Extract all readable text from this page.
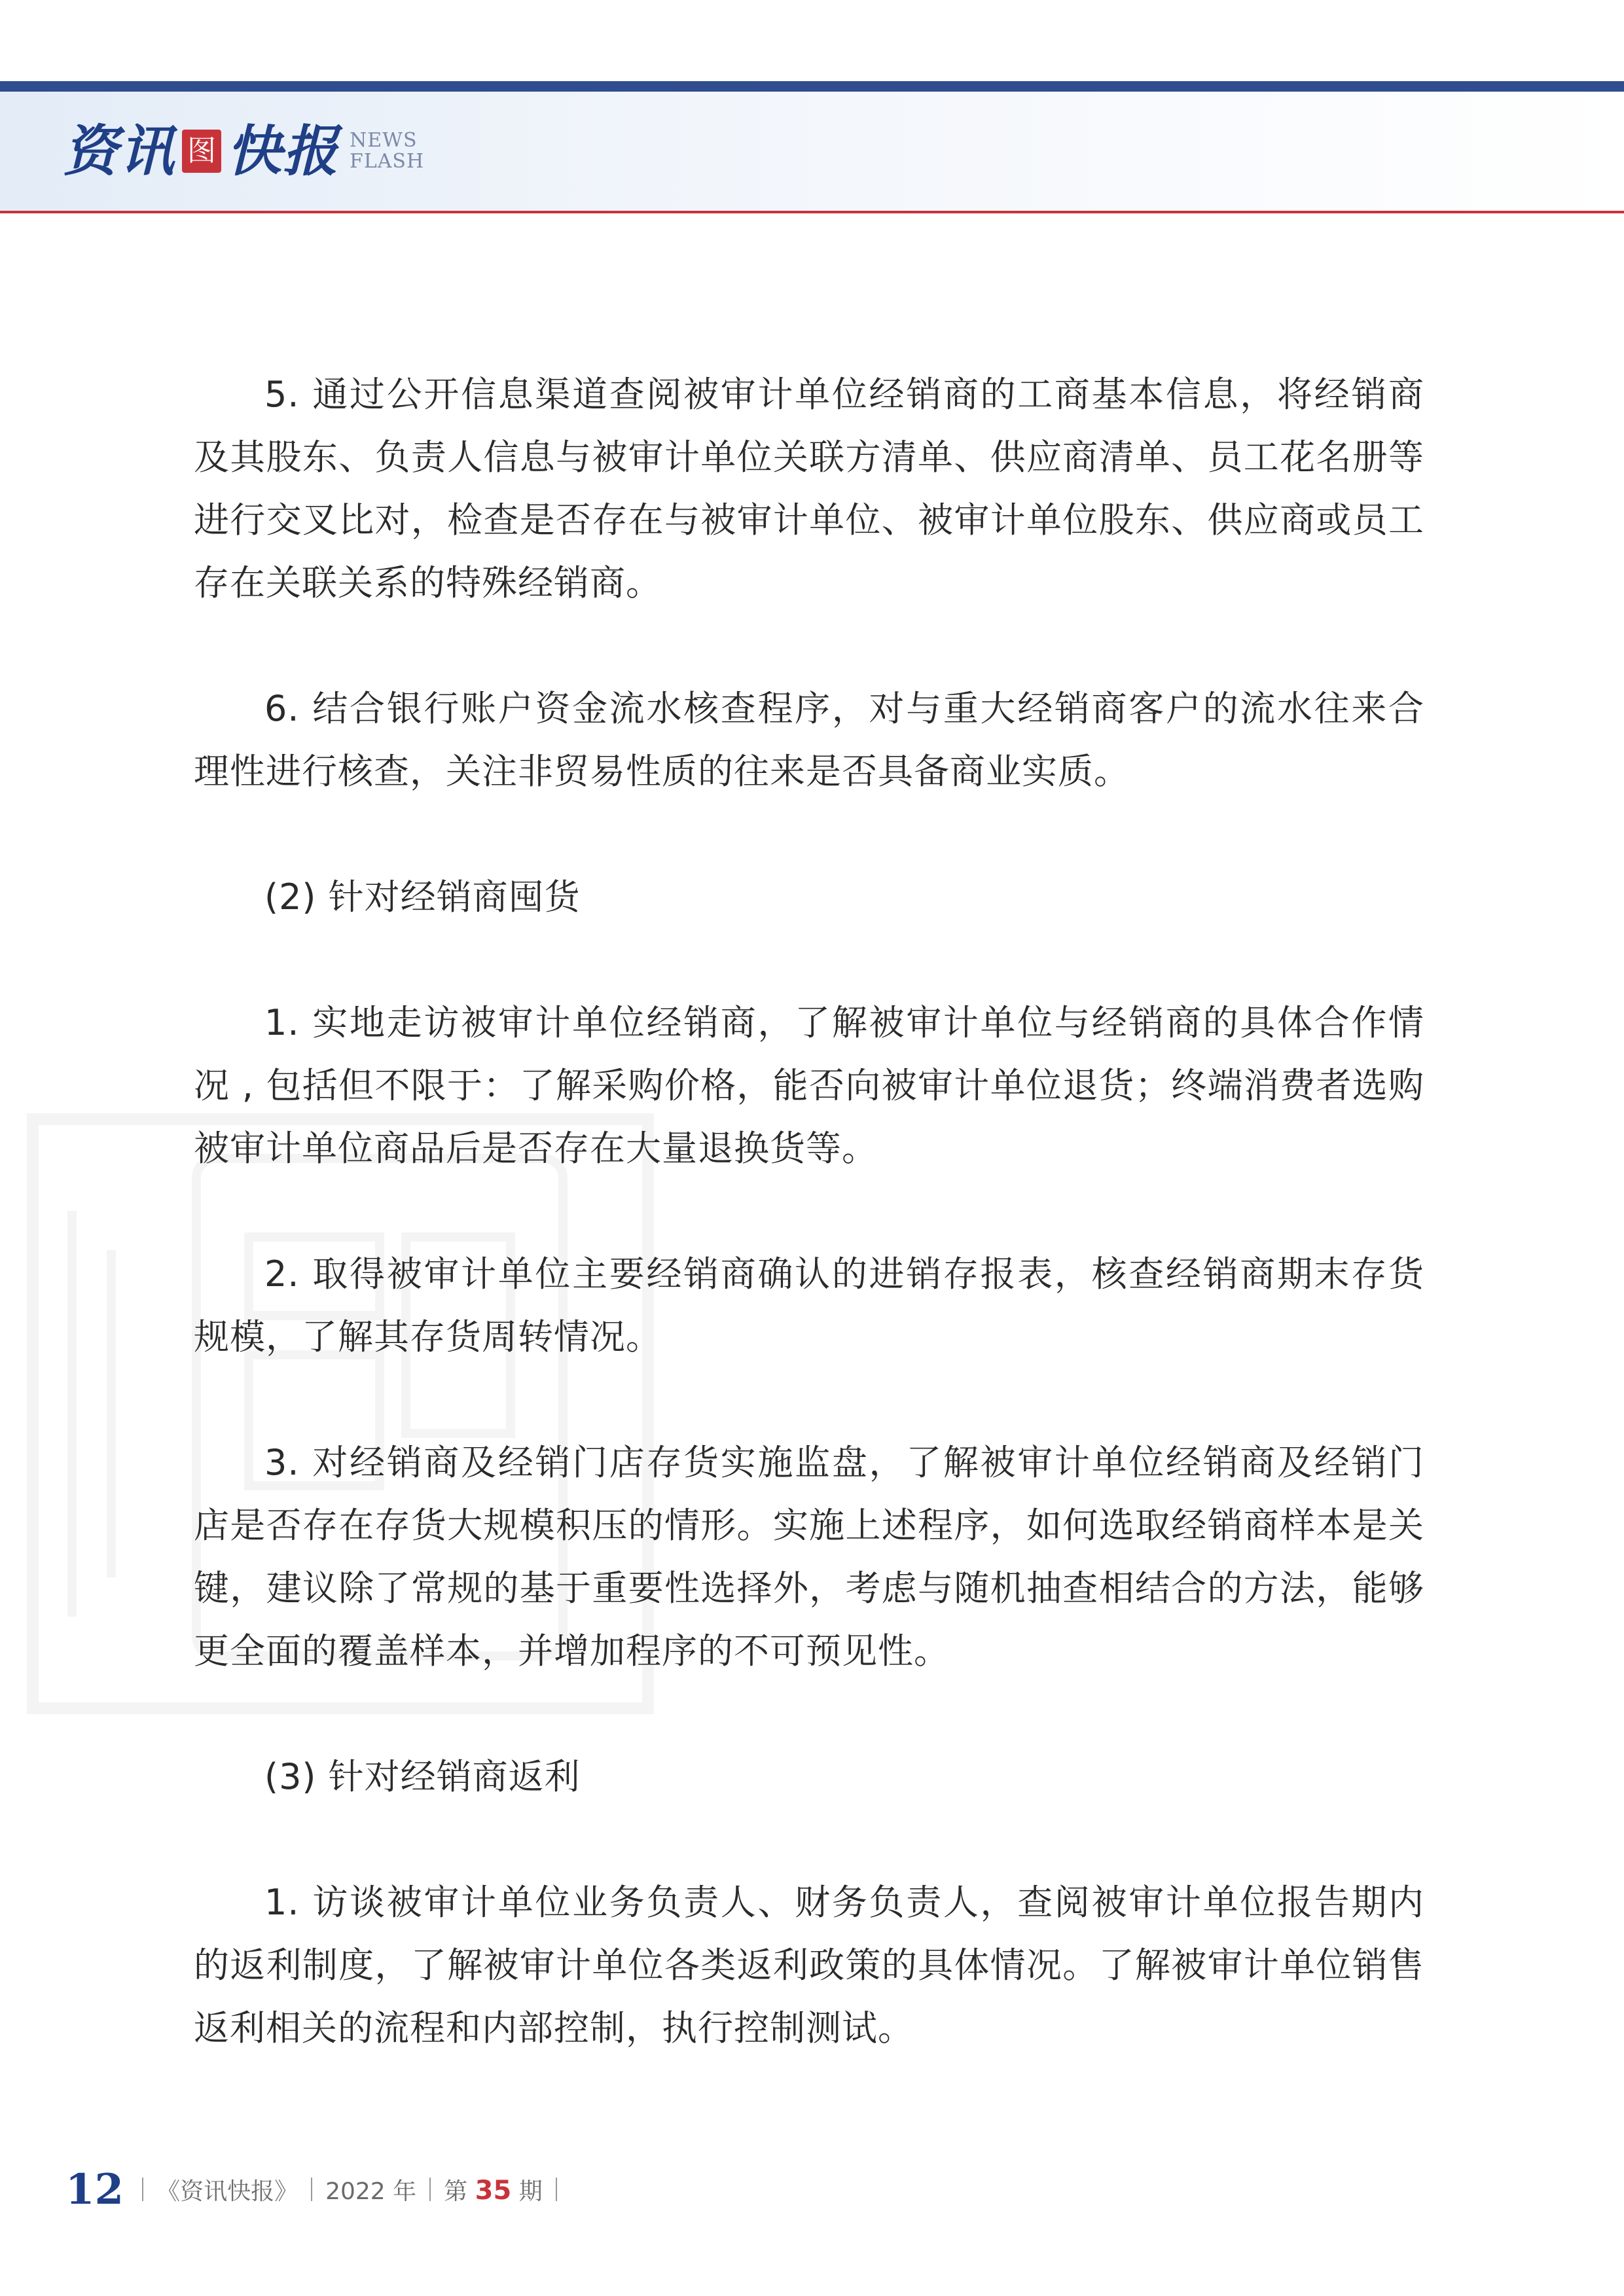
资讯 图 快报 NEWS
FLASH

5. 通过公开信息渠道查阅被审计单位经销商的工商基本信息，将经销商及其股东、负责人信息与被审计单位关联方清单、供应商清单、员工花名册等进行交叉比对，检查是否存在与被审计单位、被审计单位股东、供应商或员工存在关联关系的特殊经销商。

6. 结合银行账户资金流水核查程序，对与重大经销商客户的流水往来合理性进行核查，关注非贸易性质的往来是否具备商业实质。

(2) 针对经销商囤货

1. 实地走访被审计单位经销商，了解被审计单位与经销商的具体合作情况 , 包括但不限于：了解采购价格，能否向被审计单位退货；终端消费者选购被审计单位商品后是否存在大量退换货等。

2. 取得被审计单位主要经销商确认的进销存报表，核查经销商期末存货规模，了解其存货周转情况。

3. 对经销商及经销门店存货实施监盘，了解被审计单位经销商及经销门店是否存在存货大规模积压的情形。实施上述程序，如何选取经销商样本是关键，建议除了常规的基于重要性选择外，考虑与随机抽查相结合的方法，能够更全面的覆盖样本，并增加程序的不可预见性。

(3) 针对经销商返利

1. 访谈被审计单位业务负责人、财务负责人，查阅被审计单位报告期内的返利制度，了解被审计单位各类返利政策的具体情况。了解被审计单位销售返利相关的流程和内部控制，执行控制测试。

12 《资讯快报》 2022 年 第 35 期
